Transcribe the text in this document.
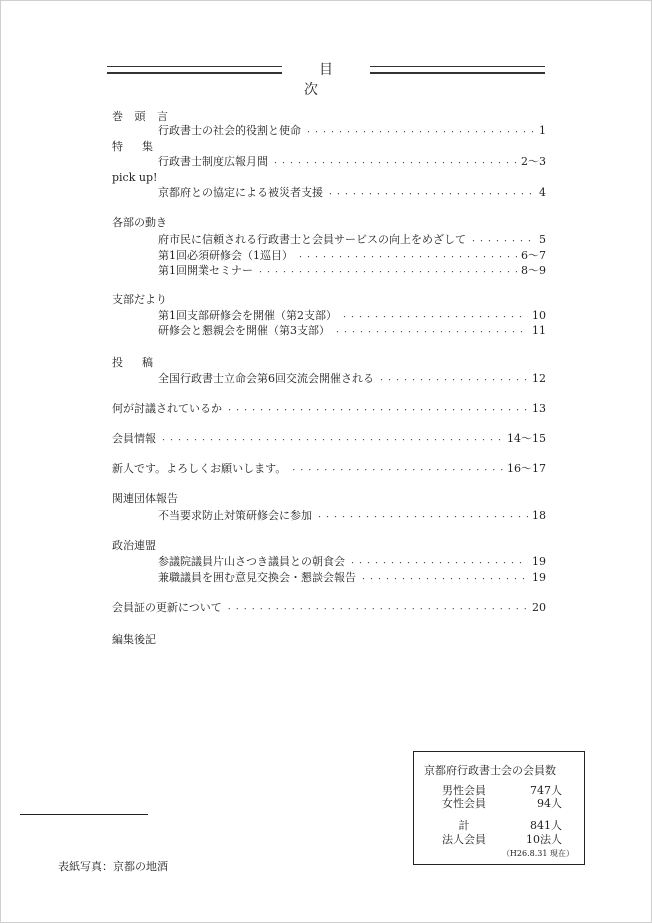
目　次
巻 頭 言
行政書士の社会的役割と使命 ・・・・・・・・・・・・・・・・・・・・・・・・・・・・・・・・・・・・・・・・・・・・・・・・・・・・・・・・・・・・・・	1
特　集
行政書士制度広報月間 ・・・・・・・・・・・・・・・・・・・・・・・・・・・・・・・・・・・・・・・・・・・・・・・・・・・・・・・・・・・・・・	2〜3
pick up!
京都府との協定による被災者支援 ・・・・・・・・・・・・・・・・・・・・・・・・・・・・・・・・・・・・・・・・・・・・・・・・・・・・・・・・・・・・・・	4
各部の動き
府市民に信頼される行政書士と会員サービスの向上をめざして ・・・・・・・・・・・・・・・・・・・・・・・・・・・・・・・・・・・・・・・・・・・・・・・・・・・・・・・・・・・・・・	5
第1回必須研修会（1巡目） ・・・・・・・・・・・・・・・・・・・・・・・・・・・・・・・・・・・・・・・・・・・・・・・・・・・・・・・・・・・・・・	6〜7
第1回開業セミナー ・・・・・・・・・・・・・・・・・・・・・・・・・・・・・・・・・・・・・・・・・・・・・・・・・・・・・・・・・・・・・・	8〜9
支部だより
第1回支部研修会を開催（第2支部） ・・・・・・・・・・・・・・・・・・・・・・・・・・・・・・・・・・・・・・・・・・・・・・・・・・・・・・・・・・・・・・	10
研修会と懇親会を開催（第3支部） ・・・・・・・・・・・・・・・・・・・・・・・・・・・・・・・・・・・・・・・・・・・・・・・・・・・・・・・・・・・・・・	11
投　稿
全国行政書士立命会第6回交流会開催される ・・・・・・・・・・・・・・・・・・・・・・・・・・・・・・・・・・・・・・・・・・・・・・・・・・・・・・・・・・・・・・	12
何が討議されているか ・・・・・・・・・・・・・・・・・・・・・・・・・・・・・・・・・・・・・・・・・・・・・・・・・・・・・・・・・・・・・・	13
会員情報 ・・・・・・・・・・・・・・・・・・・・・・・・・・・・・・・・・・・・・・・・・・・・・・・・・・・・・・・・・・・・・・	14〜15
新人です。よろしくお願いします。 ・・・・・・・・・・・・・・・・・・・・・・・・・・・・・・・・・・・・・・・・・・・・・・・・・・・・・・・・・・・・・・	16〜17
関連団体報告
不当要求防止対策研修会に参加 ・・・・・・・・・・・・・・・・・・・・・・・・・・・・・・・・・・・・・・・・・・・・・・・・・・・・・・・・・・・・・・	18
政治連盟
参議院議員片山さつき議員との朝食会 ・・・・・・・・・・・・・・・・・・・・・・・・・・・・・・・・・・・・・・・・・・・・・・・・・・・・・・・・・・・・・・	19
兼職議員を囲む意見交換会・懇談会報告 ・・・・・・・・・・・・・・・・・・・・・・・・・・・・・・・・・・・・・・・・・・・・・・・・・・・・・・・・・・・・・・	19
会員証の更新について ・・・・・・・・・・・・・・・・・・・・・・・・・・・・・・・・・・・・・・・・・・・・・・・・・・・・・・・・・・・・・・	20
編集後記
京都府行政書士会の会員数
男性会員	747人
女性会員	94人
計	841人
法人会員	10法人
（H26.8.31 現在）
表紙写真：京都の地酒
